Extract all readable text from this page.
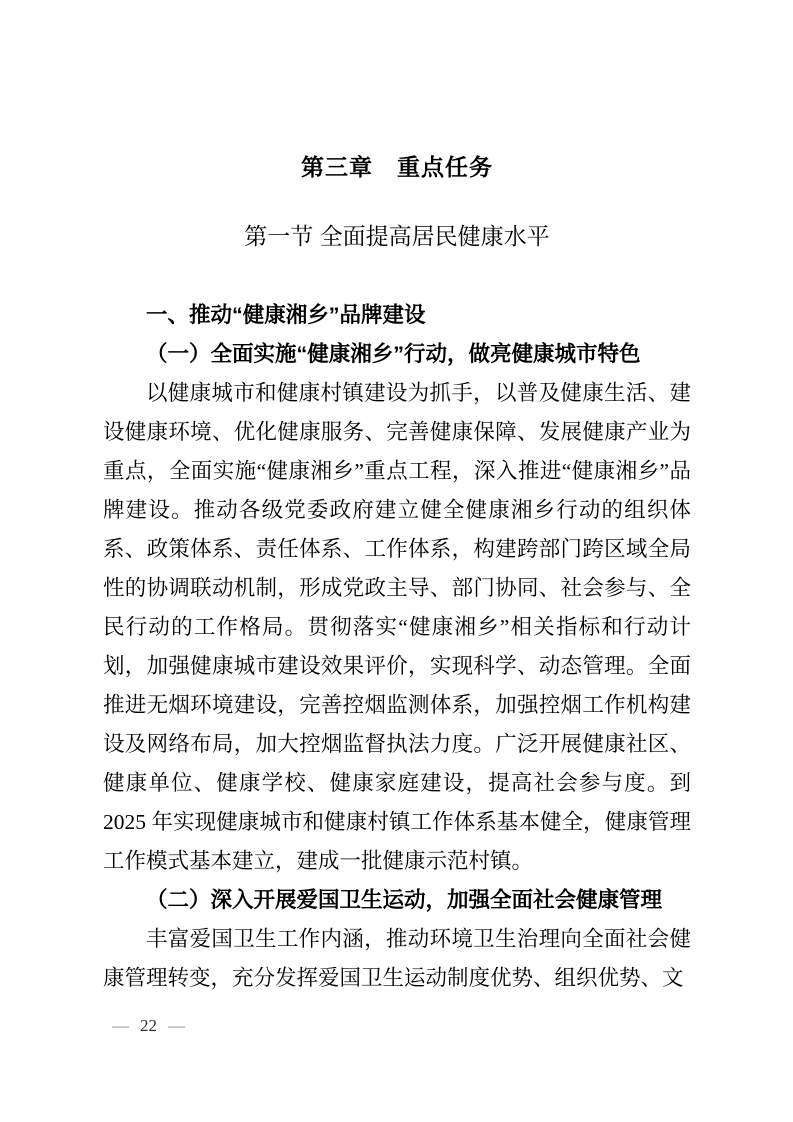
第三章　重点任务
第一节 全面提高居民健康水平

一、推动“健康湘乡”品牌建设

（一）全面实施“健康湘乡”行动，做亮健康城市特色

以健康城市和健康村镇建设为抓手，以普及健康生活、建设健康环境、优化健康服务、完善健康保障、发展健康产业为重点，全面实施“健康湘乡”重点工程，深入推进“健康湘乡”品牌建设。推动各级党委政府建立健全健康湘乡行动的组织体系、政策体系、责任体系、工作体系，构建跨部门跨区域全局性的协调联动机制，形成党政主导、部门协同、社会参与、全民行动的工作格局。贯彻落实“健康湘乡”相关指标和行动计划，加强健康城市建设效果评价，实现科学、动态管理。全面推进无烟环境建设，完善控烟监测体系，加强控烟工作机构建设及网络布局，加大控烟监督执法力度。广泛开展健康社区、健康单位、健康学校、健康家庭建设，提高社会参与度。到 2025 年实现健康城市和健康村镇工作体系基本健全，健康管理工作模式基本建立，建成一批健康示范村镇。

（二）深入开展爱国卫生运动，加强全面社会健康管理

丰富爱国卫生工作内涵，推动环境卫生治理向全面社会健康管理转变，充分发挥爱国卫生运动制度优势、组织优势、文

— 22 —
